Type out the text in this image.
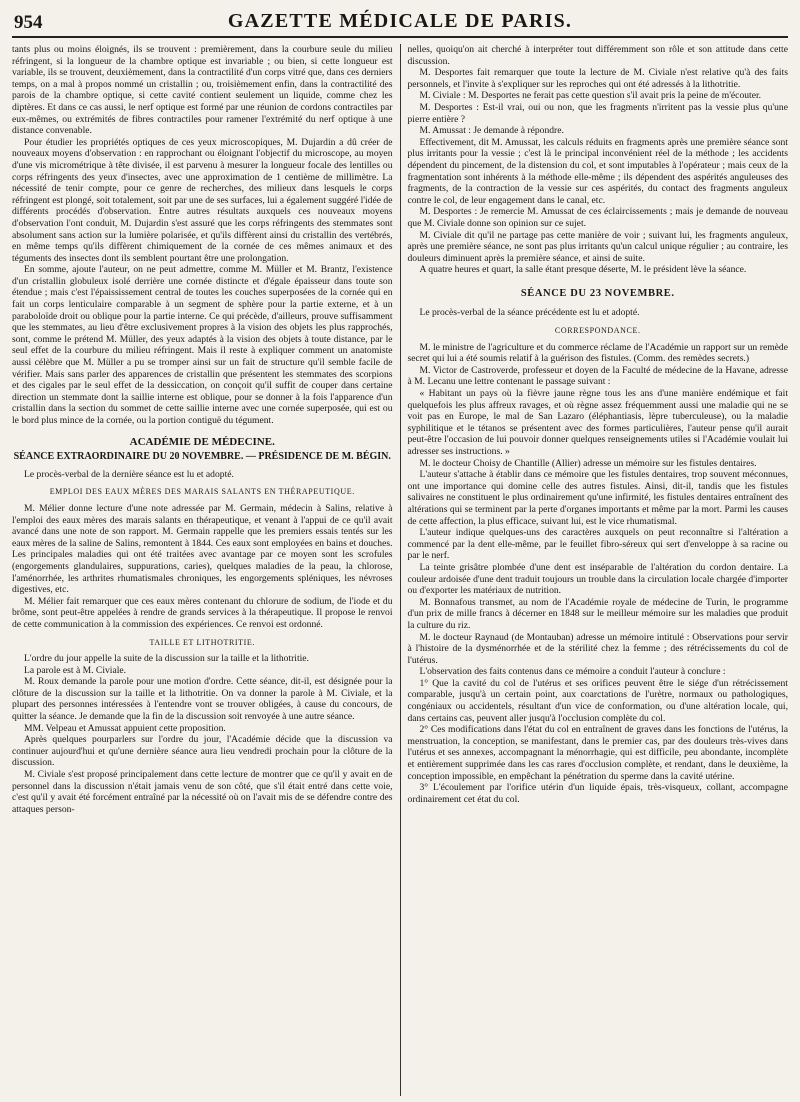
954	GAZETTE MÉDICALE DE PARIS.

tants plus ou moins éloignés, ils se trouvent : premièrement, dans la courbure seule du milieu réfringent, si la longueur de la chambre optique est invariable ; ou bien, si cette longueur est variable, ils se trouvent, deuxièmement, dans la contractilité d'un corps vitré que, dans ces derniers temps, on a mal à propos nommé un cristallin ; ou, troisièmement enfin, dans la contractilité des parois de la chambre optique, si cette cavité contient seulement un liquide, comme chez les diptères. Et dans ce cas aussi, le nerf optique est formé par une réunion de cordons contractiles par eux-mêmes, ou extrémités de fibres contractiles pour ramener l'extrémité du nerf optique à une distance convenable.

Pour étudier les propriétés optiques de ces yeux microscopiques, M. Dujardin a dû créer de nouveaux moyens d'observation : en rapprochant ou éloignant l'objectif du microscope, au moyen d'une vis micrométrique à tête divisée, il est parvenu à mesurer la longueur focale des lentilles ou corps réfringents des yeux d'insectes, avec une approximation de 1 centième de millimètre. La nécessité de tenir compte, pour ce genre de recherches, des milieux dans lesquels le corps réfringent est plongé, soit totalement, soit par une de ses surfaces, lui a également suggéré l'idée de différents procédés d'observation. Entre autres résultats auxquels ces nouveaux moyens d'observation l'ont conduit, M. Dujardin s'est assuré que les corps réfringents des stemmates sont absolument sans action sur la lumière polarisée, et qu'ils diffèrent ainsi du cristallin des vertébrés, en même temps qu'ils diffèrent chimiquement de la cornée de ces mêmes animaux et des téguments des insectes dont ils semblent pourtant être une prolongation.

En somme, ajoute l'auteur, on ne peut admettre, comme M. Müller et M. Brantz, l'existence d'un cristallin globuleux isolé derrière une cornée distincte et d'égale épaisseur dans toute son étendue ; mais c'est l'épaississement central de toutes les couches superposées de la cornée qui en fait un corps lenticulaire comparable à un segment de sphère pour la partie externe, et à un paraboloïde droit ou oblique pour la partie interne. Ce qui précède, d'ailleurs, prouve suffisamment que les stemmates, au lieu d'être exclusivement propres à la vision des objets les plus rapprochés, sont, comme le prétend M. Müller, des yeux adaptés à la vision des objets à toute distance, par le seul effet de la courbure du milieu réfringent. Mais il reste à expliquer comment un anatomiste aussi célèbre que M. Müller a pu se tromper ainsi sur un fait de structure qu'il semble facile de vérifier. Mais sans parler des apparences de cristallin que présentent les stemmates des scorpions et des cigales par le seul effet de la dessiccation, on conçoit qu'il suffit de couper dans certaine direction un stemmate dont la saillie interne est oblique, pour se donner à la fois l'apparence d'un cristallin dans la section du sommet de cette saillie interne avec une cornée superposée, qui est ou le bord plus mince de la cornée, ou la portion contiguë du tégument.

ACADÉMIE DE MÉDECINE.
SÉANCE EXTRAORDINAIRE DU 20 NOVEMBRE. — PRÉSIDENCE DE M. BÉGIN.

Le procès-verbal de la dernière séance est lu et adopté.

EMPLOI DES EAUX MÈRES DES MARAIS SALANTS EN THÉRAPEUTIQUE.

M. Mélier donne lecture d'une note adressée par M. Germain, médecin à Salins, relative à l'emploi des eaux mères des marais salants en thérapeutique, et venant à l'appui de ce qu'il avait avancé dans une note de son rapport. M. Germain rappelle que les premiers essais tentés sur les eaux mères de la saline de Salins, remontent à 1844. Ces eaux sont employées en bains et douches. Les principales maladies qui ont été traitées avec avantage par ce moyen sont les scrofules (engorgements glandulaires, suppurations, caries), quelques maladies de la peau, la chlorose, l'aménorrhée, les arthrites rhumatismales chroniques, les engorgements spléniques, les névroses digestives, etc.

M. Mélier fait remarquer que ces eaux mères contenant du chlorure de sodium, de l'iode et du brôme, sont peut-être appelées à rendre de grands services à la thérapeutique. Il propose le renvoi de cette communication à la commission des expériences. Ce renvoi est ordonné.

TAILLE ET LITHOTRITIE.

L'ordre du jour appelle la suite de la discussion sur la taille et la lithotritie.

La parole est à M. Civiale.

M. Roux demande la parole pour une motion d'ordre. Cette séance, dit-il, est désignée pour la clôture de la discussion sur la taille et la lithotritie. On va donner la parole à M. Civiale, et la plupart des personnes intéressées à l'entendre vont se trouver obligées, à cause du concours, de quitter la séance. Je demande que la fin de la discussion soit renvoyée à une autre séance.

MM. Velpeau et Amussat appuient cette proposition.

Après quelques pourparlers sur l'ordre du jour, l'Académie décide que la discussion va continuer aujourd'hui et qu'une dernière séance aura lieu vendredi prochain pour la clôture de la discussion.

M. Civiale s'est proposé principalement dans cette lecture de montrer que ce qu'il y avait en de personnel dans la discussion n'était jamais venu de son côté, que s'il était entré dans cette voie, c'est qu'il y avait été forcément entraîné par la nécessité où on l'avait mis de se défendre contre des attaques person-

nelles, quoiqu'on ait cherché à interpréter tout différemment son rôle et son attitude dans cette discussion.

M. Desportes fait remarquer que toute la lecture de M. Civiale n'est relative qu'à des faits personnels, et l'invite à s'expliquer sur les reproches qui ont été adressés à la lithotritie.

M. Civiale : M. Desportes ne ferait pas cette question s'il avait pris la peine de m'écouter.

M. Desportes : Est-il vrai, oui ou non, que les fragments n'irritent pas la vessie plus qu'une pierre entière ?

M. Amussat : Je demande à répondre.

Effectivement, dit M. Amussat, les calculs réduits en fragments après une première séance sont plus irritants pour la vessie ; c'est là le principal inconvénient réel de la méthode ; les accidents dépendent du pincement, de la distension du col, et sont imputables à l'opérateur ; mais ceux de la fragmentation sont inhérents à la méthode elle-même ; ils dépendent des aspérités anguleuses des fragments, de la contraction de la vessie sur ces aspérités, du contact des fragments anguleux contre le col, de leur engagement dans le canal, etc.

M. Desportes : Je remercie M. Amussat de ces éclaircissements ; mais je demande de nouveau que M. Civiale donne son opinion sur ce sujet.

M. Civiale dit qu'il ne partage pas cette manière de voir ; suivant lui, les fragments anguleux, après une première séance, ne sont pas plus irritants qu'un calcul unique régulier ; au contraire, les douleurs diminuent après la première séance, et ainsi de suite.

A quatre heures et quart, la salle étant presque déserte, M. le président lève la séance.

SÉANCE DU 23 NOVEMBRE.

Le procès-verbal de la séance précédente est lu et adopté.

CORRESPONDANCE.

M. le ministre de l'agriculture et du commerce réclame de l'Académie un rapport sur un remède secret qui lui a été soumis relatif à la guérison des fistules. (Comm. des remèdes secrets.)

M. Victor de Castroverde, professeur et doyen de la Faculté de médecine de la Havane, adresse à M. Lecanu une lettre contenant le passage suivant :

« Habitant un pays où la fièvre jaune règne tous les ans d'une manière endémique et fait quelquefois les plus affreux ravages, et où règne assez fréquemment aussi une maladie qui ne se voit pas en Europe, le mal de San Lazaro (éléphantiasis, lèpre tuberculeuse), ou la maladie syphilitique et le tétanos se présentent avec des formes particulières, l'auteur pense qu'il aurait peut-être l'occasion de lui pouvoir donner quelques renseignements utiles si l'Académie voulait lui adresser ses instructions. »

M. le docteur Choisy de Chantille (Allier) adresse un mémoire sur les fistules dentaires.

L'auteur s'attache à établir dans ce mémoire que les fistules dentaires, trop souvent méconnues, ont une importance qui domine celle des autres fistules. Ainsi, dit-il, tandis que les fistules salivaires ne constituent le plus ordinairement qu'une infirmité, les fistules dentaires entraînent des altérations qui se terminent par la perte d'organes importants et même par la mort. Parmi les causes de cette affection, la plus efficace, suivant lui, est le vice rhumatismal.

L'auteur indique quelques-uns des caractères auxquels on peut reconnaître si l'altération a commencé par la dent elle-même, par le feuillet fibro-séreux qui sert d'enveloppe à sa racine ou par le nerf.

La teinte grisâtre plombée d'une dent est inséparable de l'altération du cordon dentaire. La couleur ardoisée d'une dent traduit toujours un trouble dans la circulation locale chargée d'importer ou d'exporter les matériaux de nutrition.

M. Bonnafous transmet, au nom de l'Académie royale de médecine de Turin, le programme d'un prix de mille francs à décerner en 1848 sur le meilleur mémoire sur les maladies que produit la culture du riz.

M. le docteur Raynaud (de Montauban) adresse un mémoire intitulé : Observations pour servir à l'histoire de la dysménorrhée et de la stérilité chez la femme ; des rétrécissements du col de l'utérus.

L'observation des faits contenus dans ce mémoire a conduit l'auteur à conclure :

1° Que la cavité du col de l'utérus et ses orifices peuvent être le siége d'un rétrécissement comparable, jusqu'à un certain point, aux coarctations de l'urètre, normaux ou pathologiques, congéniaux ou accidentels, résultant d'un vice de conformation, ou d'une altération locale, qui, dans certains cas, peuvent aller jusqu'à l'occlusion complète du col.

2° Ces modifications dans l'état du col en entraînent de graves dans les fonctions de l'utérus, la menstruation, la conception, se manifestant, dans le premier cas, par des douleurs très-vives dans l'utérus et ses annexes, accompagnant la ménorrhagie, qui est difficile, peu abondante, incomplète et entièrement supprimée dans les cas rares d'occlusion complète, et rendant, dans le deuxième, la conception impossible, en empêchant la pénétration du sperme dans la cavité utérine.

3° L'écoulement par l'orifice utérin d'un liquide épais, très-visqueux, collant, accompagne ordinairement cet état du col.
